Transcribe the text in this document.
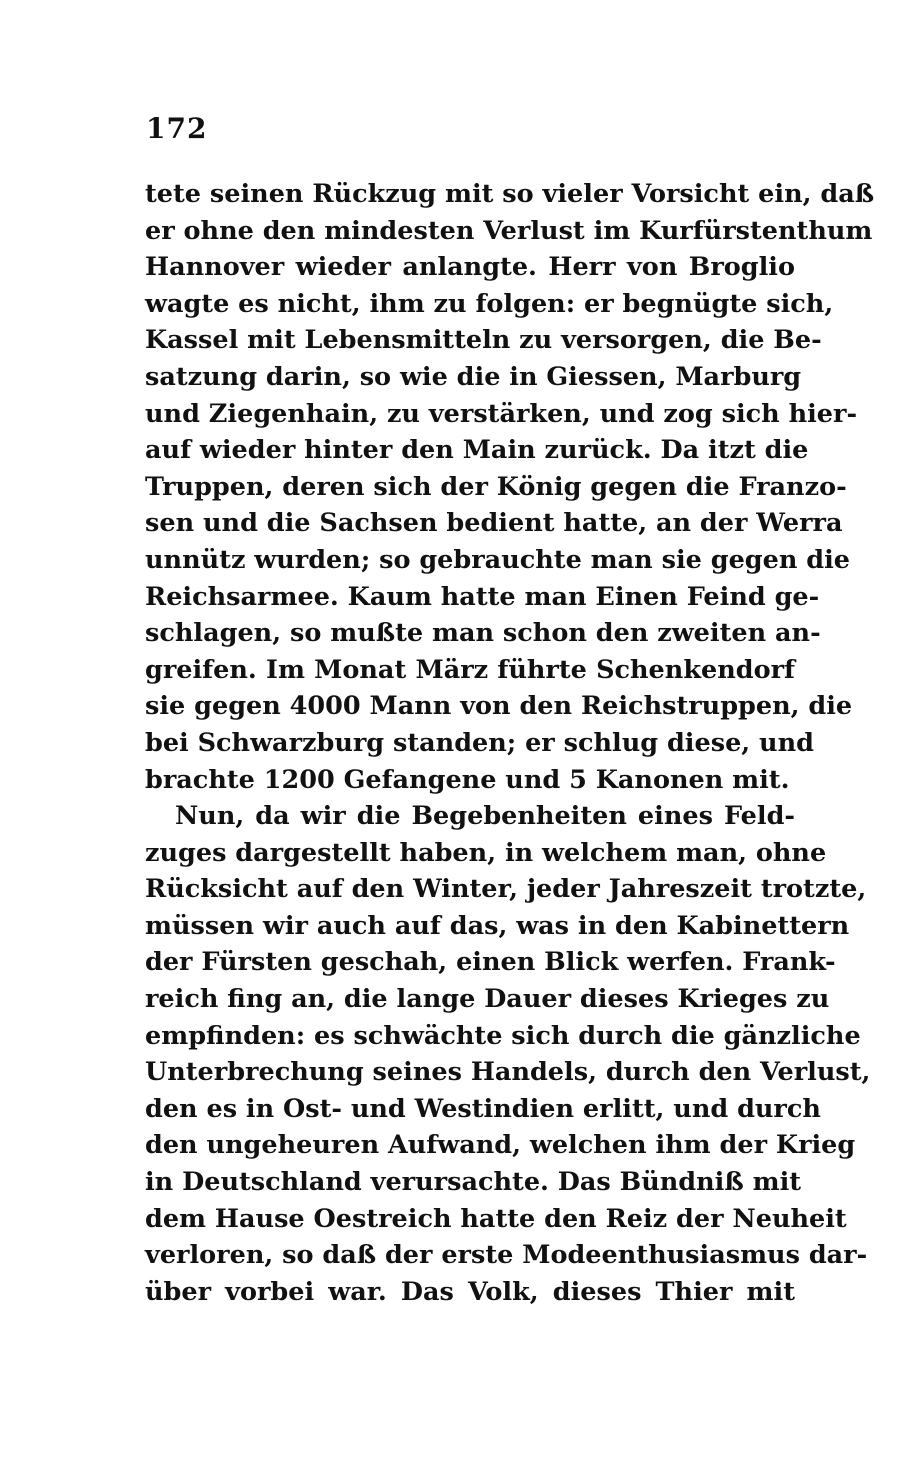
172
tete seinen Rückzug mit so vieler Vorsicht ein, daß
er ohne den mindesten Verlust im Kurfürstenthum
Hannover wieder anlangte. Herr von Broglio
wagte es nicht, ihm zu folgen: er begnügte sich,
Kassel mit Lebensmitteln zu versorgen, die Be-
satzung darin, so wie die in Giessen, Marburg
und Ziegenhain, zu verstärken, und zog sich hier-
auf wieder hinter den Main zurück. Da itzt die
Truppen, deren sich der König gegen die Franzo-
sen und die Sachsen bedient hatte, an der Werra
unnütz wurden; so gebrauchte man sie gegen die
Reichsarmee. Kaum hatte man Einen Feind ge-
schlagen, so mußte man schon den zweiten an-
greifen. Im Monat März führte Schenkendorf
sie gegen 4000 Mann von den Reichstruppen, die
bei Schwarzburg standen; er schlug diese, und
brachte 1200 Gefangene und 5 Kanonen mit.
Nun, da wir die Begebenheiten eines Feld-
zuges dargestellt haben, in welchem man, ohne
Rücksicht auf den Winter, jeder Jahreszeit trotzte,
müssen wir auch auf das, was in den Kabinettern
der Fürsten geschah, einen Blick werfen. Frank-
reich fing an, die lange Dauer dieses Krieges zu
empfinden: es schwächte sich durch die gänzliche
Unterbrechung seines Handels, durch den Verlust,
den es in Ost- und Westindien erlitt, und durch
den ungeheuren Aufwand, welchen ihm der Krieg
in Deutschland verursachte. Das Bündniß mit
dem Hause Oestreich hatte den Reiz der Neuheit
verloren, so daß der erste Modeenthusiasmus dar-
über vorbei war. Das Volk, dieses Thier mit
